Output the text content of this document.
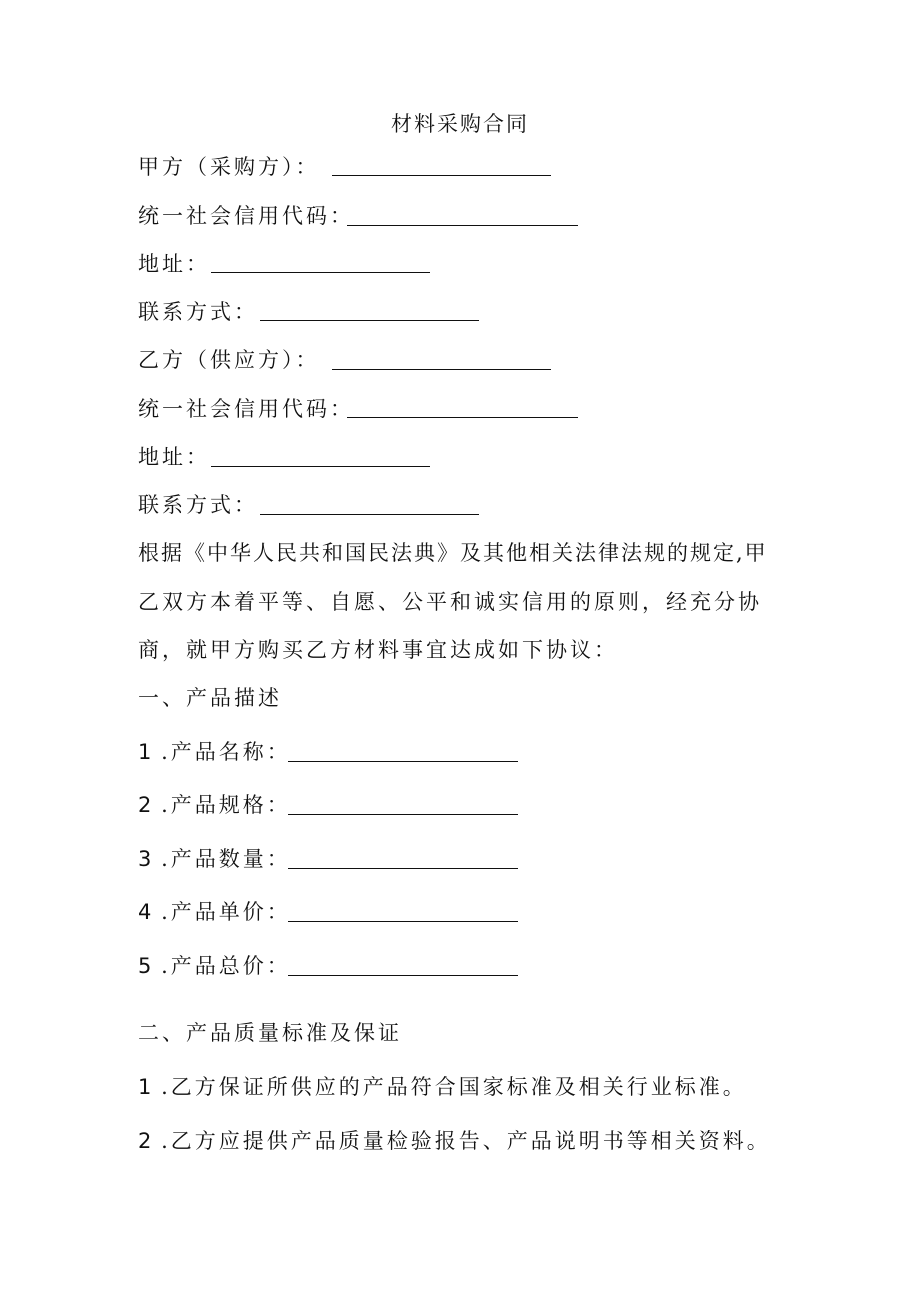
材料采购合同
甲方（采购方）：
统一社会信用代码：
地址：
联系方式：
乙方（供应方）：
统一社会信用代码：
地址：
联系方式：
根据《中华人民共和国民法典》及其他相关法律法规的规定,甲
乙双方本着平等、自愿、公平和诚实信用的原则，经充分协
商，就甲方购买乙方材料事宜达成如下协议：
一、产品描述
1 .产品名称：
2 .产品规格：
3 .产品数量：
4 .产品单价：
5 .产品总价：
二、产品质量标准及保证
1 .乙方保证所供应的产品符合国家标准及相关行业标准。
2 .乙方应提供产品质量检验报告、产品说明书等相关资料。
